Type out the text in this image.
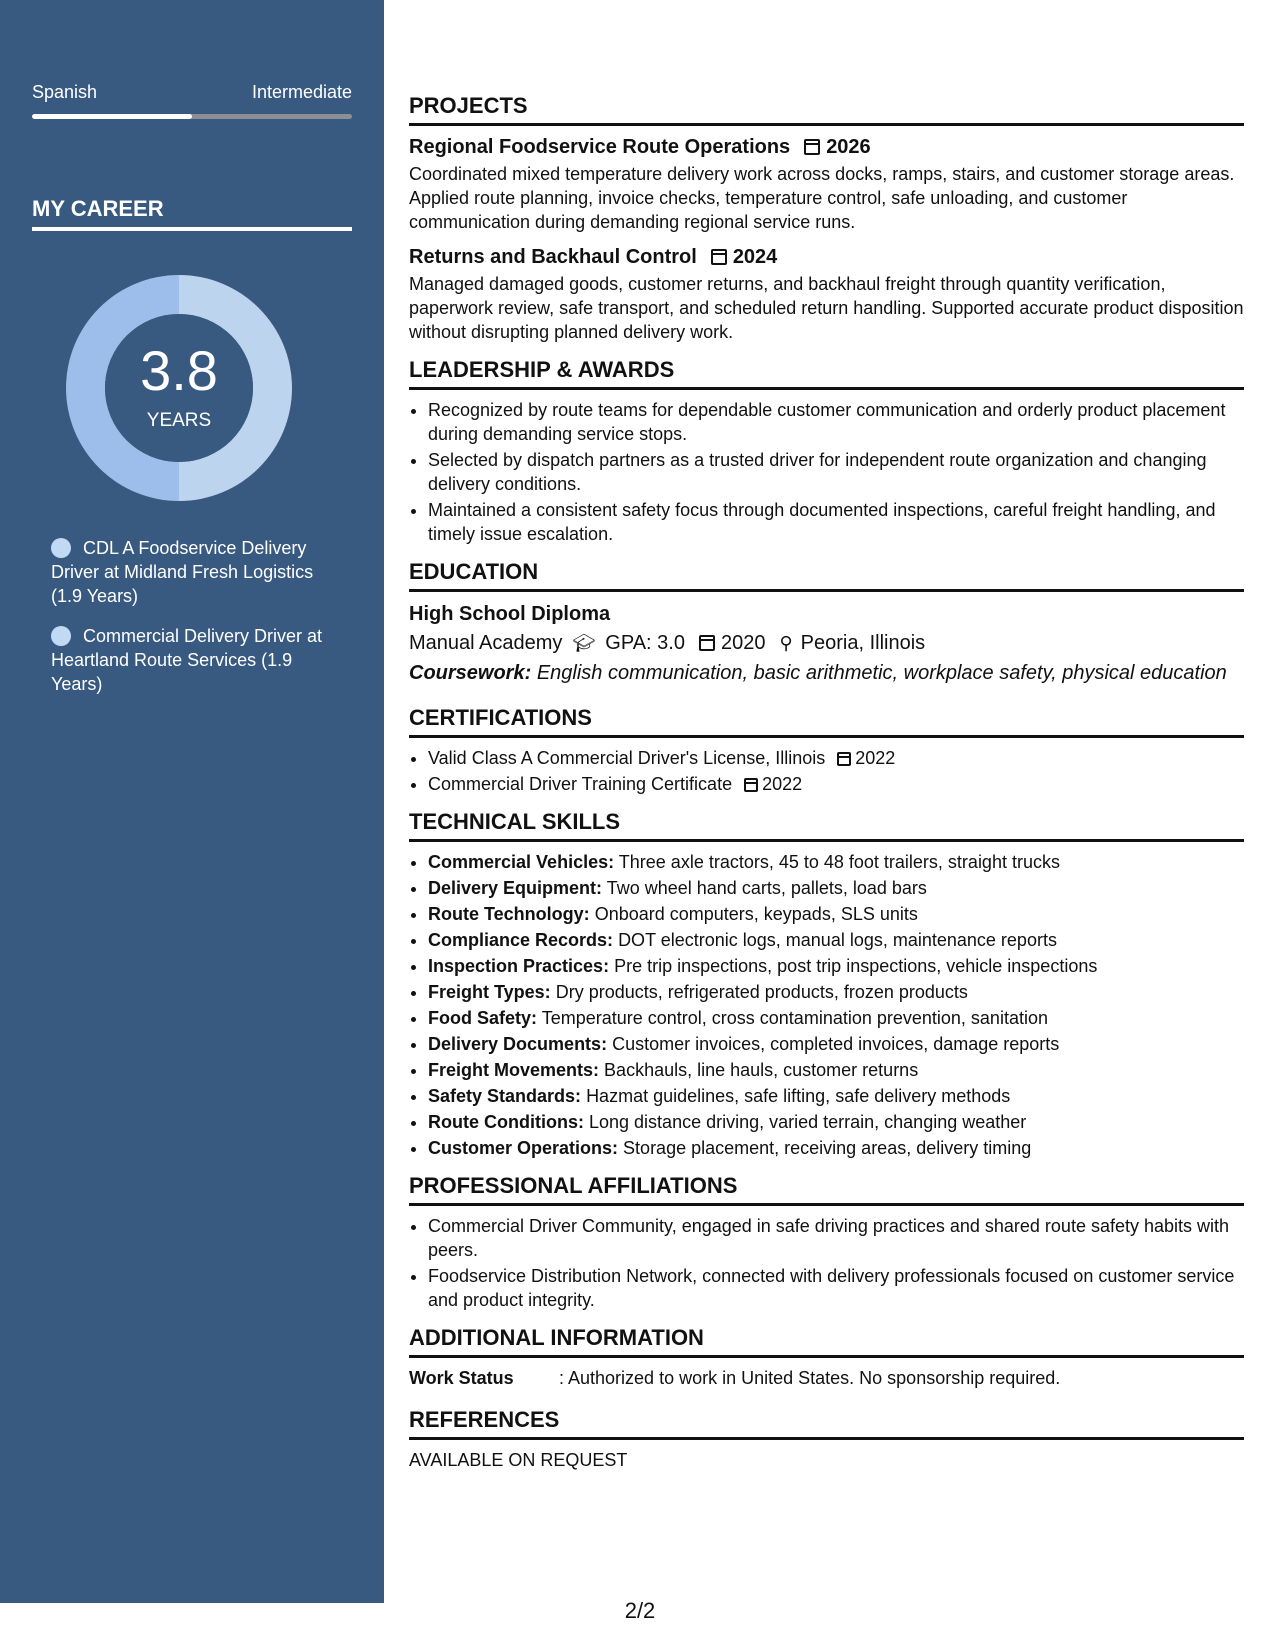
Spanish	Intermediate
MY CAREER
3.8
YEARS
CDL A Foodservice Delivery Driver at Midland Fresh Logistics (1.9 Years)
Commercial Delivery Driver at Heartland Route Services (1.9 Years)
PROJECTS
Regional Foodservice Route Operations 2026
Coordinated mixed temperature delivery work across docks, ramps, stairs, and customer storage areas. Applied route planning, invoice checks, temperature control, safe unloading, and customer communication during demanding regional service runs.
Returns and Backhaul Control 2024
Managed damaged goods, customer returns, and backhaul freight through quantity verification, paperwork review, safe transport, and scheduled return handling. Supported accurate product disposition without disrupting planned delivery work.
LEADERSHIP & AWARDS
• Recognized by route teams for dependable customer communication and orderly product placement during demanding service stops.
• Selected by dispatch partners as a trusted driver for independent route organization and changing delivery conditions.
• Maintained a consistent safety focus through documented inspections, careful freight handling, and timely issue escalation.
EDUCATION
High School Diploma
Manual Academy 🎓︎ GPA: 3.0 2020 ⚲ Peoria, Illinois
Coursework: English communication, basic arithmetic, workplace safety, physical education
CERTIFICATIONS
• Valid Class A Commercial Driver's License, Illinois 2022
• Commercial Driver Training Certificate 2022
TECHNICAL SKILLS
• Commercial Vehicles: Three axle tractors, 45 to 48 foot trailers, straight trucks
• Delivery Equipment: Two wheel hand carts, pallets, load bars
• Route Technology: Onboard computers, keypads, SLS units
• Compliance Records: DOT electronic logs, manual logs, maintenance reports
• Inspection Practices: Pre trip inspections, post trip inspections, vehicle inspections
• Freight Types: Dry products, refrigerated products, frozen products
• Food Safety: Temperature control, cross contamination prevention, sanitation
• Delivery Documents: Customer invoices, completed invoices, damage reports
• Freight Movements: Backhauls, line hauls, customer returns
• Safety Standards: Hazmat guidelines, safe lifting, safe delivery methods
• Route Conditions: Long distance driving, varied terrain, changing weather
• Customer Operations: Storage placement, receiving areas, delivery timing
PROFESSIONAL AFFILIATIONS
• Commercial Driver Community, engaged in safe driving practices and shared route safety habits with peers.
• Foodservice Distribution Network, connected with delivery professionals focused on customer service and product integrity.
ADDITIONAL INFORMATION
Work Status	: Authorized to work in United States. No sponsorship required.
REFERENCES
AVAILABLE ON REQUEST
2/2
